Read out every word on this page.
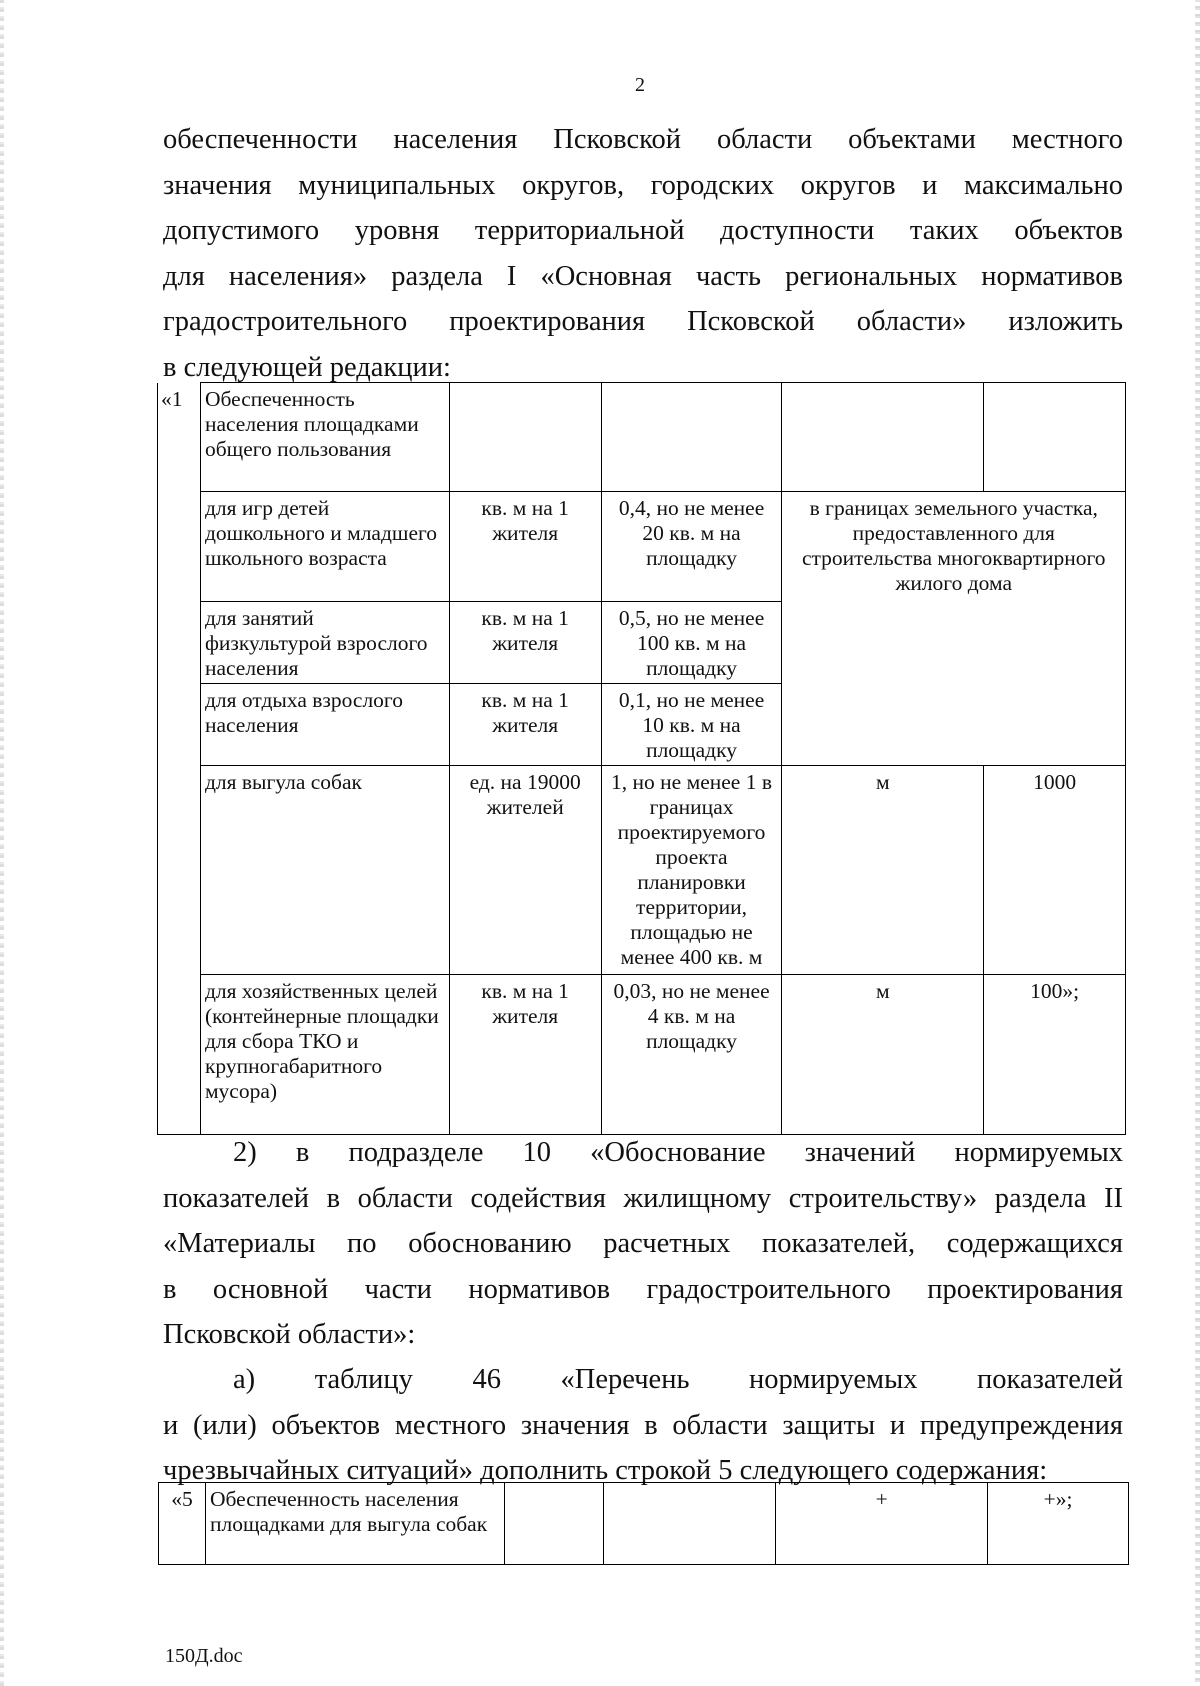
2
обеспеченности населения Псковской области объектами местного
значения муниципальных округов, городских округов и максимально
допустимого уровня территориальной доступности таких объектов
для населения» раздела I «Основная часть региональных нормативов
градостроительного проектирования Псковской области» изложить
в следующей редакции:
«1	Обеспеченность населения площадками общего пользования				
	для игр детей дошкольного и младшего школьного возраста	кв. м на 1 жителя	0,4, но не менее 20 кв. м на площадку	в границах земельного участка, предоставленного для строительства многоквартирного жилого дома	
	для занятий физкультурой взрослого населения	кв. м на 1 жителя	0,5, но не менее 100 кв. м на площадку		
	для отдыха взрослого населения	кв. м на 1 жителя	0,1, но не менее 10 кв. м на площадку		
	для выгула собак	ед. на 19000 жителей	1, но не менее 1 в границах проектируемого проекта планировки территории, площадью не менее 400 кв. м	м	1000
	для хозяйственных целей (контейнерные площадки для сбора ТКО и крупногабаритного мусора)	кв. м на 1 жителя	0,03, но не менее 4 кв. м на площадку	м	100»;
2) в подразделе 10 «Обоснование значений нормируемых
показателей в области содействия жилищному строительству» раздела II
«Материалы по обоснованию расчетных показателей, содержащихся
в основной части нормативов градостроительного проектирования
Псковской области»:
а) таблицу 46 «Перечень нормируемых показателей
и (или) объектов местного значения в области защиты и предупреждения
чрезвычайных ситуаций» дополнить строкой 5 следующего содержания:
«5	Обеспеченность населения площадками для выгула собак			+	+»;
150Д.doc
